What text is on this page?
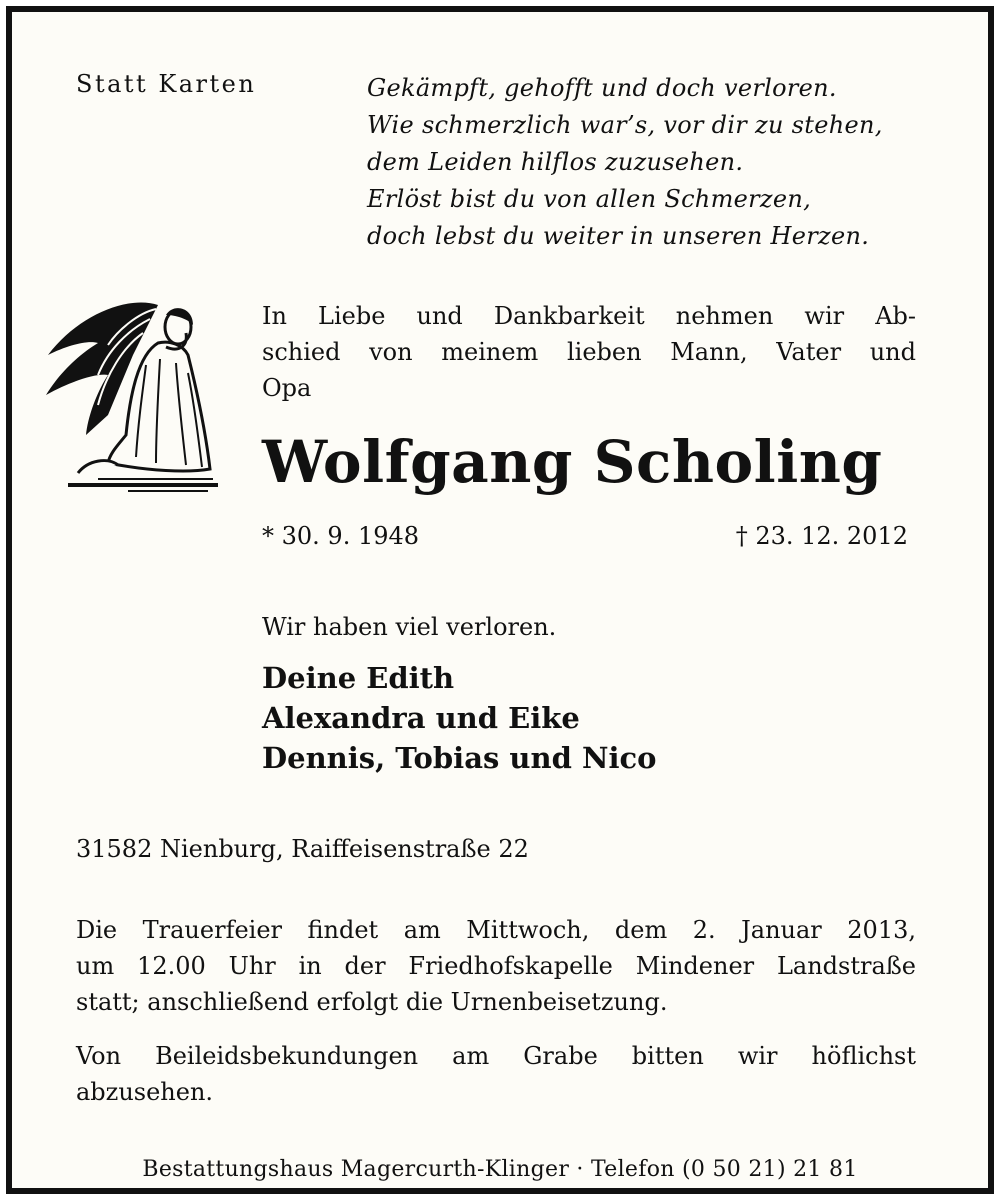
Statt Karten	Gekämpft, gehofft und doch verloren.
Wie schmerzlich war’s, vor dir zu stehen,
dem Leiden hilflos zuzusehen.
Erlöst bist du von allen Schmerzen,
doch lebst du weiter in unseren Herzen.
In Liebe und Dankbarkeit nehmen wir Ab-
schied von meinem lieben Mann, Vater und
Opa
Wolfgang Scholing
* 30. 9. 1948	† 23. 12. 2012
Wir haben viel verloren.
Deine Edith
Alexandra und Eike
Dennis, Tobias und Nico
31582 Nienburg, Raiffeisenstraße 22
Die Trauerfeier findet am Mittwoch, dem 2. Januar 2013,
um 12.00 Uhr in der Friedhofskapelle Mindener Landstraße
statt; anschließend erfolgt die Urnenbeisetzung.
Von Beileidsbekundungen am Grabe bitten wir höflichst
abzusehen.
Bestattungshaus Magercurth-Klinger · Telefon (0 50 21) 21 81
